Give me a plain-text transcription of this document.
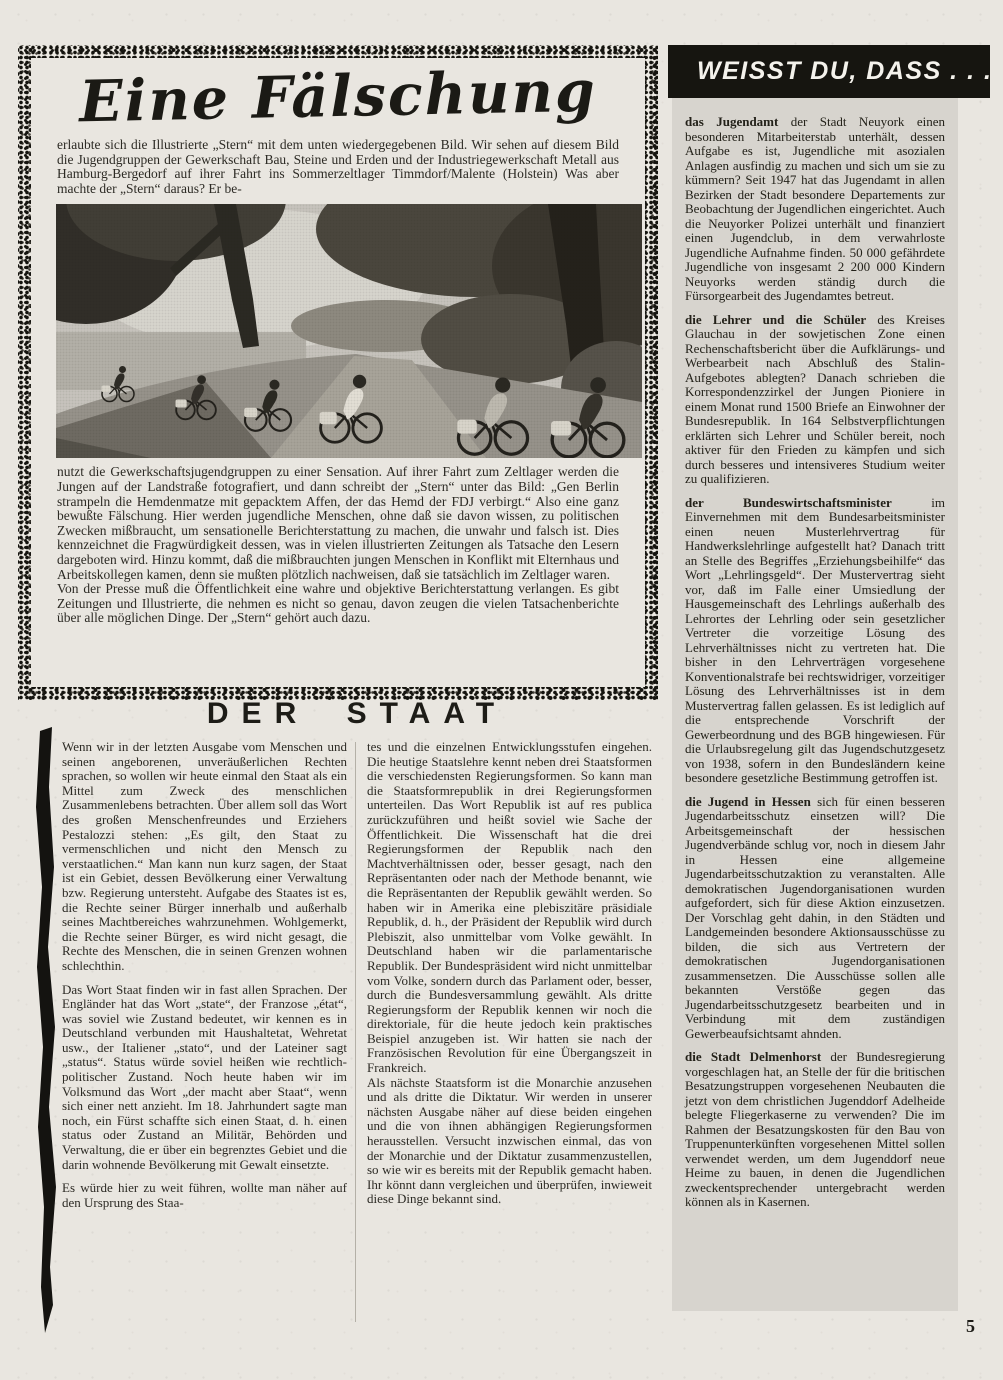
Eine Fälschung

erlaubte sich die Illustrierte „Stern“ mit dem unten wiedergegebenen Bild. Wir sehen auf diesem Bild die Jugendgruppen der Gewerkschaft Bau, Steine und Erden und der Industriegewerkschaft Metall aus Hamburg-Bergedorf auf ihrer Fahrt ins Sommerzeltlager Timmdorf/Malente (Holstein) Was aber machte der „Stern“ daraus? Er be-

nutzt die Gewerkschaftsjugendgruppen zu einer Sensation. Auf ihrer Fahrt zum Zeltlager werden die Jungen auf der Landstraße fotografiert, und dann schreibt der „Stern“ unter das Bild: „Gen Berlin strampeln die Hemdenmatze mit gepacktem Affen, der das Hemd der FDJ verbirgt.“ Also eine ganz bewußte Fälschung. Hier werden jugendliche Menschen, ohne daß sie davon wissen, zu politischen Zwecken mißbraucht, um sensationelle Berichterstattung zu machen, die unwahr und falsch ist. Dies kennzeichnet die Fragwürdigkeit dessen, was in vielen illustrierten Zeitungen als Tatsache den Lesern dargeboten wird. Hinzu kommt, daß die mißbrauchten jungen Menschen in Konflikt mit Elternhaus und Arbeitskollegen kamen, denn sie mußten plötzlich nachweisen, daß sie tatsächlich im Zeltlager waren.

Von der Presse muß die Öffentlichkeit eine wahre und objektive Berichterstattung verlangen. Es gibt Zeitungen und Illustrierte, die nehmen es nicht so genau, davon zeugen die vielen Tatsachenberichte über alle möglichen Dinge. Der „Stern“ gehört auch dazu.

WEISST DU, DASS . . .

das Jugendamt der Stadt Neuyork einen besonderen Mitarbeiterstab unterhält, dessen Aufgabe es ist, Jugendliche mit asozialen Anlagen ausfindig zu machen und sich um sie zu kümmern? Seit 1947 hat das Jugendamt in allen Bezirken der Stadt besondere Departements zur Beobachtung der Jugendlichen eingerichtet. Auch die Neuyorker Polizei unterhält und finanziert einen Jugendclub, in dem verwahrloste Jugendliche Aufnahme finden. 50 000 gefährdete Jugendliche von insgesamt 2 200 000 Kindern Neuyorks werden ständig durch die Fürsorgearbeit des Jugendamtes betreut.

die Lehrer und die Schüler des Kreises Glauchau in der sowjetischen Zone einen Rechenschaftsbericht über die Aufklärungs- und Werbearbeit nach Abschluß des Stalin-Aufgebotes ablegten? Danach schrieben die Korrespondenzzirkel der Jungen Pioniere in einem Monat rund 1500 Briefe an Einwohner der Bundesrepublik. In 164 Selbstverpflichtungen erklärten sich Lehrer und Schüler bereit, noch aktiver für den Frieden zu kämpfen und sich durch besseres und intensiveres Studium weiter zu qualifizieren.

der Bundeswirtschaftsminister	im Einvernehmen mit dem Bundesarbeitsminister einen neuen Musterlehrvertrag für Handwerkslehrlinge aufgestellt hat? Danach tritt an Stelle des Begriffes „Erziehungsbeihilfe“ das Wort „Lehrlingsgeld“. Der Mustervertrag sieht vor, daß im Falle einer Umsiedlung der Hausgemeinschaft des Lehrlings außerhalb des Lehrortes der Lehrling oder sein gesetzlicher Vertreter die vorzeitige Lösung des Lehrverhältnisses nicht zu vertreten hat. Die bisher in den Lehrverträgen vorgesehene Konventionalstrafe bei rechtswidriger, vorzeitiger Lösung des Lehrverhältnisses ist in dem Mustervertrag fallen gelassen. Es ist lediglich auf die entsprechende Vorschrift der Gewerbeordnung und des BGB hingewiesen. Für die Urlaubsregelung gilt das Jugendschutzgesetz von 1938, sofern in den Bundesländern keine besondere gesetzliche Bestimmung getroffen ist.

die Jugend in Hessen sich für einen besseren Jugendarbeitsschutz einsetzen will? Die Arbeitsgemeinschaft der hessischen Jugendverbände schlug vor, noch in diesem Jahr in Hessen eine allgemeine Jugendarbeitsschutzaktion zu veranstalten. Alle demokratischen Jugendorganisationen wurden aufgefordert, sich für diese Aktion einzusetzen. Der Vorschlag geht dahin, in den Städten und Landgemeinden besondere Aktionsausschüsse zu bilden, die sich aus Vertretern der demokratischen Jugendorganisationen zusammensetzen. Die Ausschüsse sollen alle bekannten Verstöße gegen das Jugendarbeitsschutzgesetz bearbeiten und in Verbindung mit dem zuständigen Gewerbeaufsichtsamt ahnden.

die Stadt Delmenhorst der Bundesregierung vorgeschlagen hat, an Stelle der für die britischen Besatzungstruppen vorgesehenen Neubauten die jetzt von dem christlichen Jugenddorf Adelheide belegte Fliegerkaserne zu verwenden? Die im Rahmen der Besatzungskosten für den Bau von Truppenunterkünften vorgesehenen Mittel sollen verwendet werden, um dem Jugenddorf neue Heime zu bauen, in denen die Jugendlichen zweckentsprechender untergebracht werden können als in Kasernen.

DER STAAT

Wenn wir in der letzten Ausgabe vom Menschen und seinen angeborenen, unveräußerlichen Rechten sprachen, so wollen wir heute einmal den Staat als ein Mittel zum Zweck des menschlichen Zusammenlebens betrachten. Über allem soll das Wort des großen Menschenfreundes und Erziehers Pestalozzi stehen: „Es gilt, den Staat zu vermenschlichen und nicht den Mensch zu verstaatlichen.“ Man kann nun kurz sagen, der Staat ist ein Gebiet, dessen Bevölkerung einer Verwaltung bzw. Regierung untersteht. Aufgabe des Staates ist es, die Rechte seiner Bürger innerhalb und außerhalb seines Machtbereiches wahrzunehmen. Wohlgemerkt, die Rechte seiner Bürger, es wird nicht gesagt, die Rechte des Menschen, die in seinen Grenzen wohnen schlechthin.

Das Wort Staat finden wir in fast allen Sprachen. Der Engländer hat das Wort „state“, der Franzose „état“, was soviel wie Zustand bedeutet, wir kennen es in Deutschland verbunden mit Haushaltetat, Wehretat usw., der Italiener „stato“, und der Lateiner sagt „status“. Status würde soviel heißen wie rechtlich-politischer Zustand. Noch heute haben wir im Volksmund das Wort „der macht aber Staat“, wenn sich einer nett anzieht. Im 18. Jahrhundert sagte man noch, ein Fürst schaffte sich einen Staat, d. h. einen status oder Zustand an Militär, Behörden und Verwaltung, die er über ein begrenztes Gebiet und die darin wohnende Bevölkerung mit Gewalt einsetzte.

Es würde hier zu weit führen, wollte man näher auf den Ursprung des Staa-

tes und die einzelnen Entwicklungsstufen eingehen. Die heutige Staatslehre kennt neben drei Staatsformen die verschiedensten Regierungsformen. So kann man die Staatsformrepublik in drei Regierungsformen unterteilen. Das Wort Republik ist auf res publica zurückzuführen und heißt soviel wie Sache der Öffentlichkeit. Die Wissenschaft hat die drei Regierungsformen der Republik nach den Machtverhältnissen oder, besser gesagt, nach den Repräsentanten oder nach der Methode benannt, wie die Repräsentanten der Republik gewählt werden. So haben wir in Amerika eine plebiszitäre präsidiale Republik, d. h., der Präsident der Republik wird durch Plebiszit, also unmittelbar vom Volke gewählt. In Deutschland haben wir die parlamentarische Republik. Der Bundespräsident wird nicht unmittelbar vom Volke, sondern durch das Parlament oder, besser, durch die Bundesversammlung gewählt. Als dritte Regierungsform der Republik kennen wir noch die direktoriale, für die heute jedoch kein praktisches Beispiel anzugeben ist. Wir hatten sie nach der Französischen Revolution für eine Übergangszeit in Frankreich.

Als nächste Staatsform ist die Monarchie anzusehen und als dritte die Diktatur. Wir werden in unserer nächsten Ausgabe näher auf diese beiden eingehen und die von ihnen abhängigen Regierungsformen herausstellen. Versucht inzwischen einmal, das von der Monarchie und der Diktatur zusammenzustellen, so wie wir es bereits mit der Republik gemacht haben. Ihr könnt dann vergleichen und überprüfen, inwieweit diese Dinge bekannt sind.

5
